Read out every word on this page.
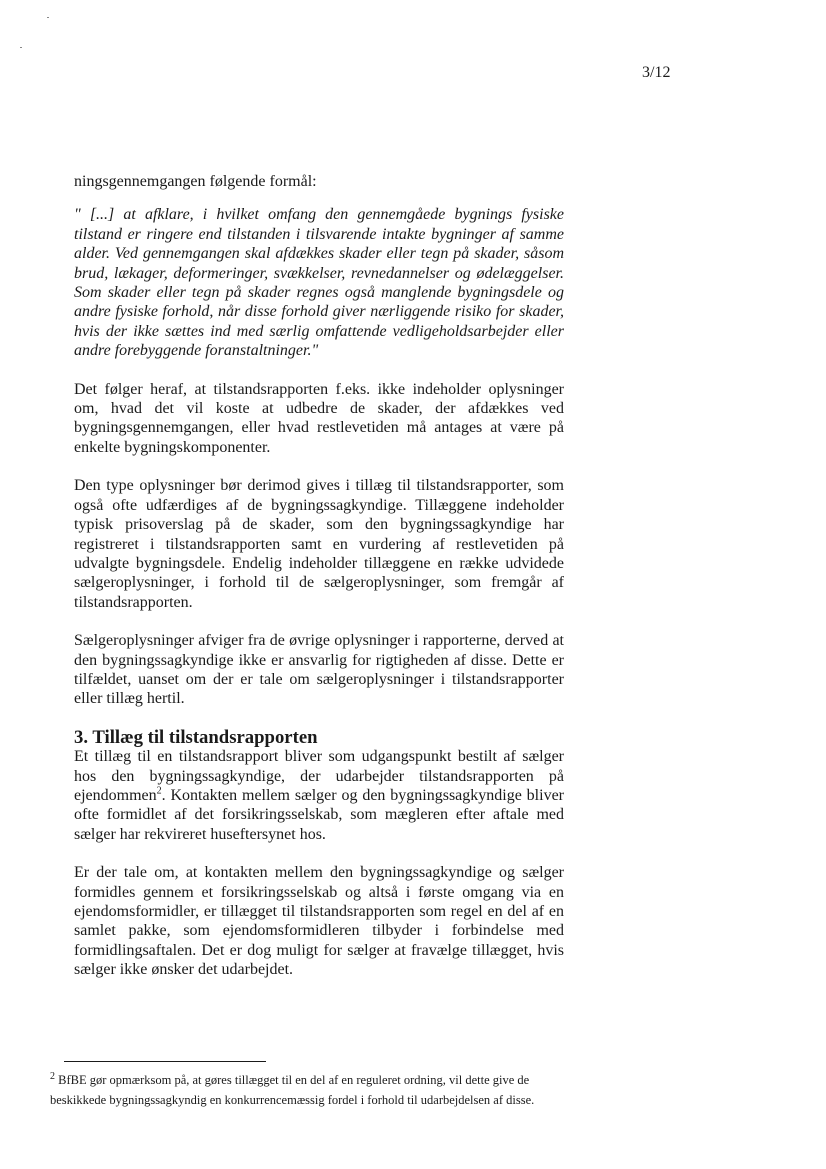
3/12

ningsgennemgangen følgende formål:

" [...] at afklare, i hvilket omfang den gennemgåede bygnings fysiske tilstand er ringere end tilstanden i tilsvarende intakte bygninger af samme alder. Ved gennemgangen skal afdækkes skader eller tegn på skader, såsom brud, lækager, deformeringer, svækkelser, revnedannelser og ødelæggelser. Som skader eller tegn på skader regnes også manglende bygningsdele og andre fysiske forhold, når disse forhold giver nærliggende risiko for skader, hvis der ikke sættes ind med særlig omfattende vedligeholdsarbejder eller andre forebyggende foranstaltninger."

Det følger heraf, at tilstandsrapporten f.eks. ikke indeholder oplysninger om, hvad det vil koste at udbedre de skader, der afdækkes ved bygningsgennemgangen, eller hvad restlevetiden må antages at være på enkelte bygningskomponenter.

Den type oplysninger bør derimod gives i tillæg til tilstandsrapporter, som også ofte udfærdiges af de bygningssagkyndige. Tillæggene indeholder typisk prisoverslag på de skader, som den bygningssagkyndige har registreret i tilstandsrapporten samt en vurdering af restlevetiden på udvalgte bygningsdele. Endelig indeholder tillæggene en række udvidede sælgeroplysninger, i forhold til de sælgeroplysninger, som fremgår af tilstandsrapporten.

Sælgeroplysninger afviger fra de øvrige oplysninger i rapporterne, derved at den bygningssagkyndige ikke er ansvarlig for rigtigheden af disse. Dette er tilfældet, uanset om der er tale om sælgeroplysninger i tilstandsrapporter eller tillæg hertil.

3. Tillæg til tilstandsrapporten

Et tillæg til en tilstandsrapport bliver som udgangspunkt bestilt af sælger hos den bygningssagkyndige, der udarbejder tilstandsrapporten på ejendommen$^2$. Kontakten mellem sælger og den bygningssagkyndige bliver ofte formidlet af det forsikringsselskab, som mægleren efter aftale med sælger har rekvireret huseftersynet hos.

Er der tale om, at kontakten mellem den bygningssagkyndige og sælger formidles gennem et forsikringsselskab og altså i første omgang via en ejendomsformidler, er tillægget til tilstandsrapporten som regel en del af en samlet pakke, som ejendomsformidleren tilbyder i forbindelse med formidlingsaftalen. Det er dog muligt for sælger at fravælge tillægget, hvis sælger ikke ønsker det udarbejdet.

$^2$ BfBE gør opmærksom på, at gøres tillægget til en del af en reguleret ordning, vil dette give de beskikkede bygningssagkyndig en konkurrencemæssig fordel i forhold til udarbejdelsen af disse.
